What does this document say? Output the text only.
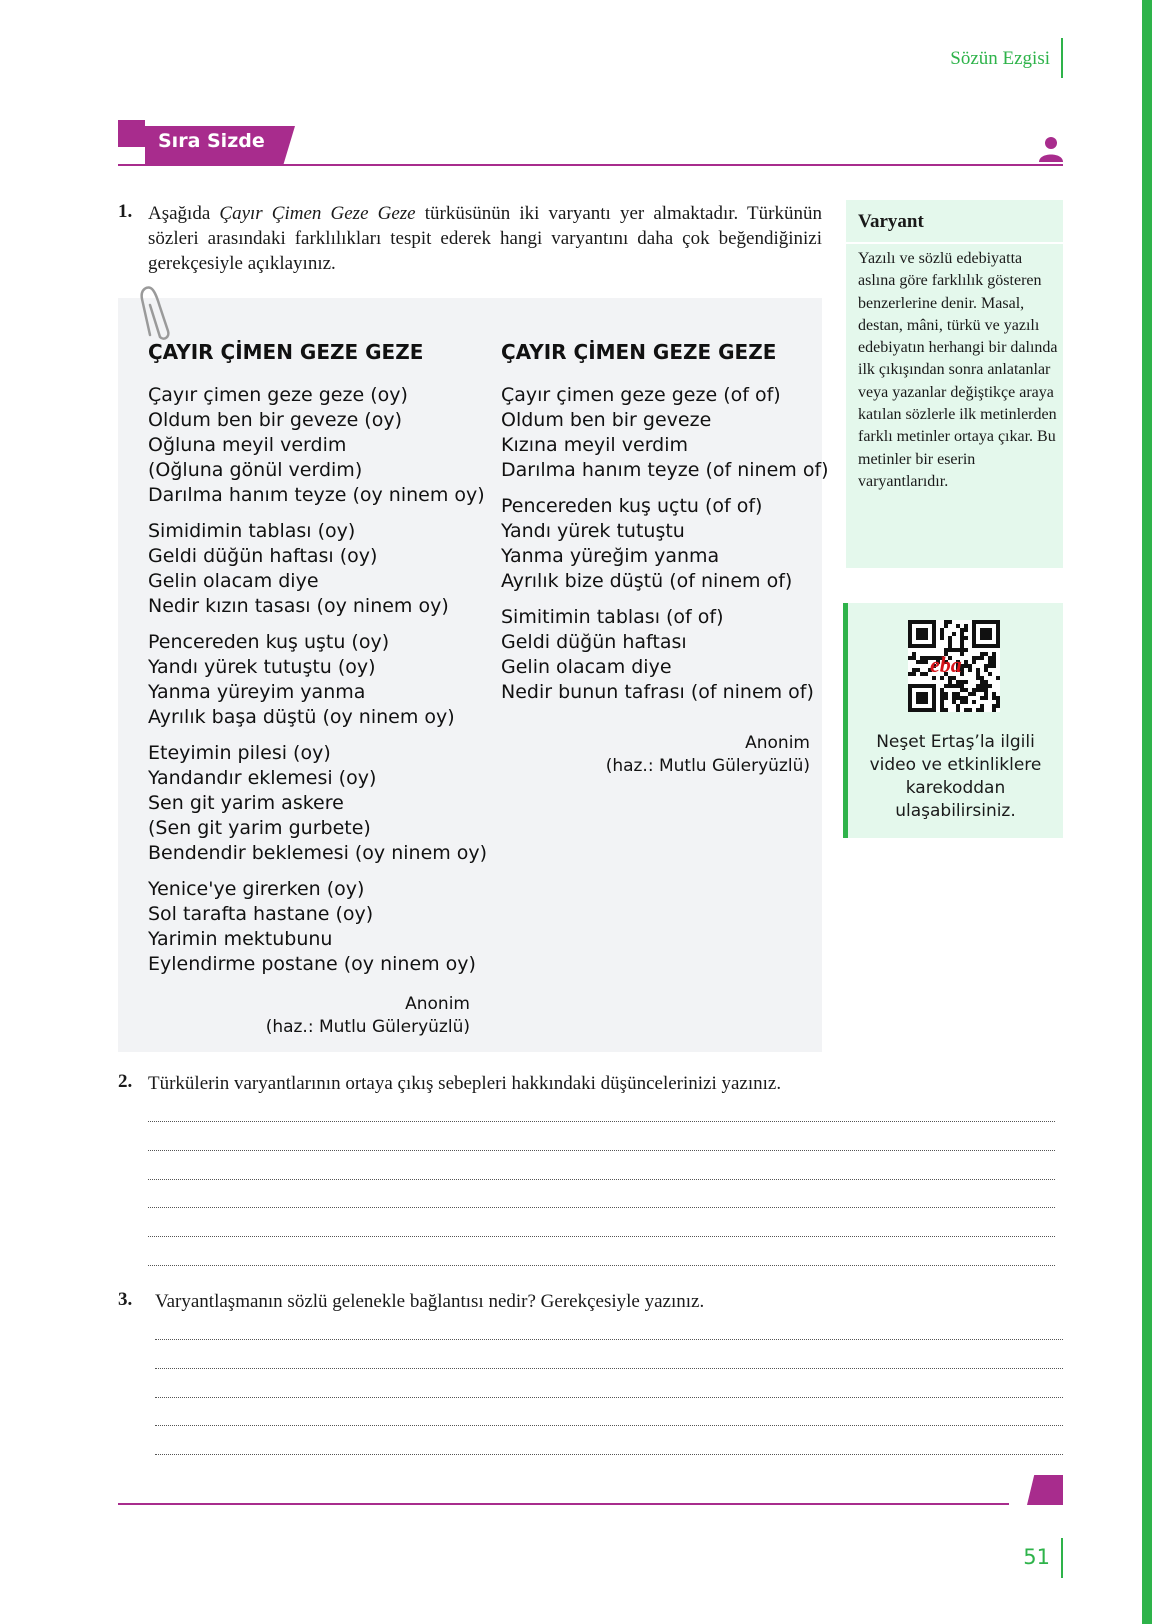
Sözün Ezgisi
Sıra Sizde
1. Aşağıda Çayır Çimen Geze Geze türküsünün iki varyantı yer almaktadır. Türkünün sözleri arasındaki farklılıkları tespit ederek hangi varyantını daha çok beğendiğinizi gerekçesiyle açıklayınız.
ÇAYIR ÇİMEN GEZE GEZE
Çayır çimen geze geze (oy)
Oldum ben bir geveze (oy)
Oğluna meyil verdim
(Oğluna gönül verdim)
Darılma hanım teyze (oy ninem oy)
Simidimin tablası (oy)
Geldi düğün haftası (oy)
Gelin olacam diye
Nedir kızın tasası (oy ninem oy)
Pencereden kuş uştu (oy)
Yandı yürek tutuştu (oy)
Yanma yüreyim yanma
Ayrılık başa düştü (oy ninem oy)
Eteyimin pilesi (oy)
Yandandır eklemesi (oy)
Sen git yarim askere
(Sen git yarim gurbete)
Bendendir beklemesi (oy ninem oy)
Yenice'ye girerken (oy)
Sol tarafta hastane (oy)
Yarimin mektubunu
Eylendirme postane (oy ninem oy)
Anonim
(haz.: Mutlu Güleryüzlü)
ÇAYIR ÇİMEN GEZE GEZE
Çayır çimen geze geze (of of)
Oldum ben bir geveze
Kızına meyil verdim
Darılma hanım teyze (of ninem of)
Pencereden kuş uçtu (of of)
Yandı yürek tutuştu
Yanma yüreğim yanma
Ayrılık bize düştü (of ninem of)
Simitimin tablası (of of)
Geldi düğün haftası
Gelin olacam diye
Nedir bunun tafrası (of ninem of)
Anonim
(haz.: Mutlu Güleryüzlü)
Varyant
Yazılı ve sözlü edebiyatta aslına göre farklılık gösteren benzerlerine denir. Masal, destan, mâni, türkü ve yazılı edebiyatın herhangi bir dalında ilk çıkışından sonra anlatanlar veya yazanlar değiştikçe araya katılan sözlerle ilk metinlerden farklı metinler ortaya çıkar. Bu metinler bir eserin varyantlarıdır.
eba
Neşet Ertaş’la ilgili video ve etkinliklere karekoddan ulaşabilirsiniz.
2. Türkülerin varyantlarının ortaya çıkış sebepleri hakkındaki düşüncelerinizi yazınız.
3. Varyantlaşmanın sözlü gelenekle bağlantısı nedir? Gerekçesiyle yazınız.
51
